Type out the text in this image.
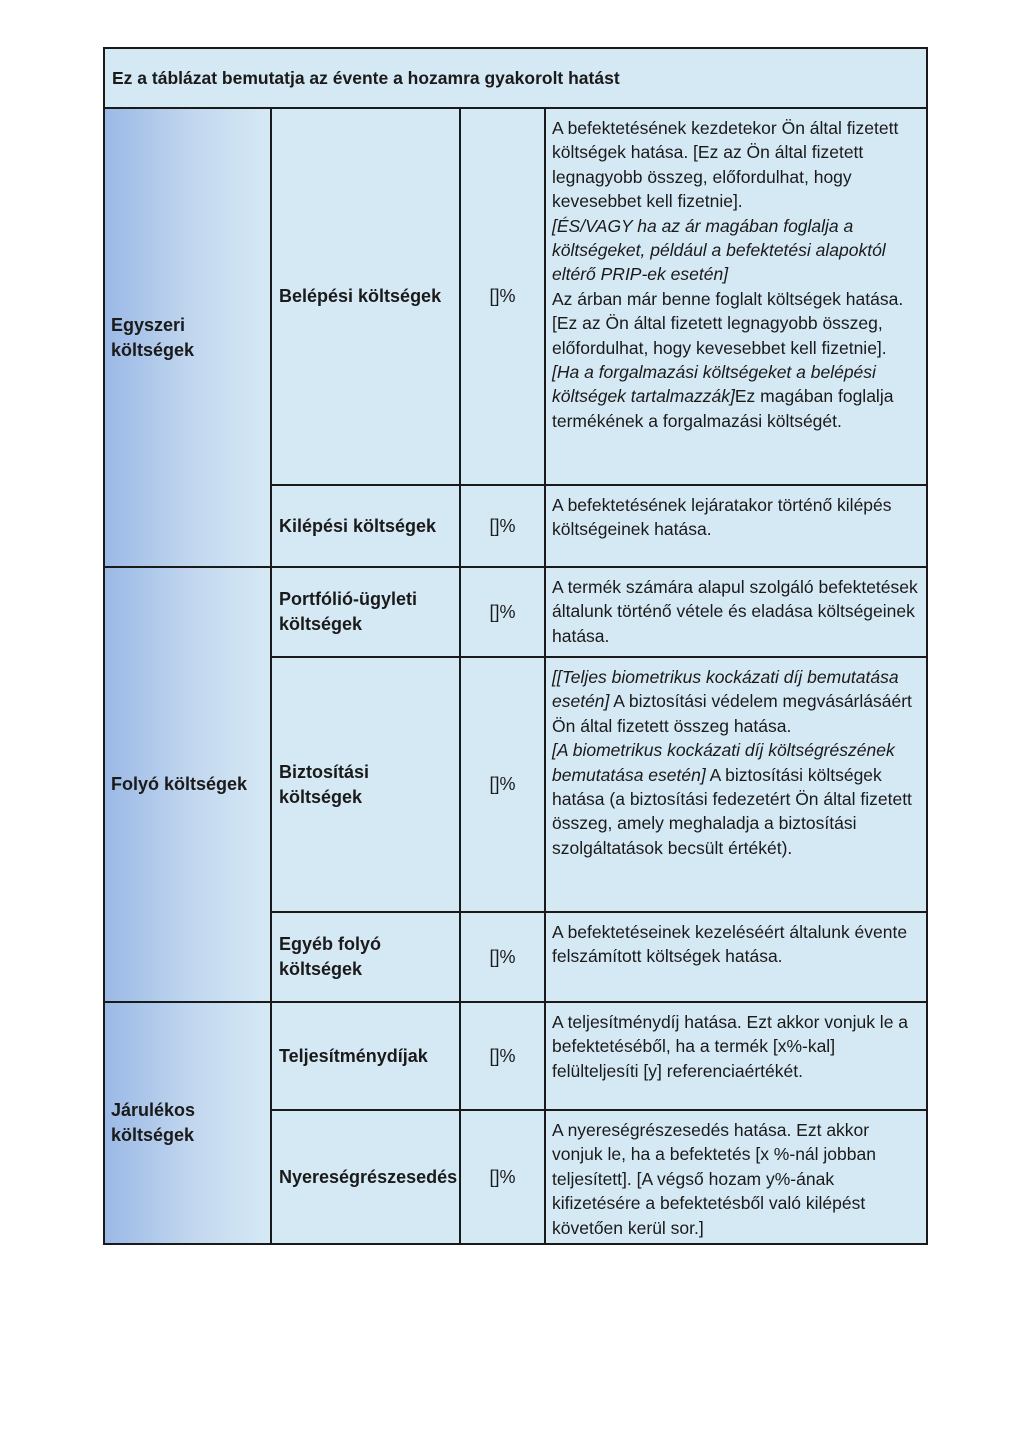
Ez a táblázat bemutatja az évente a hozamra gyakorolt hatást			
Egyszeri költségek	Belépési költségek	[]%	A befektetésének kezdetekor Ön által fizetett költségek hatása. [Ez az Ön által fizetett legnagyobb összeg, előfordulhat, hogy kevesebbet kell fizetnie].
[ÉS/VAGY ha az ár magában foglalja a költségeket, például a befektetési alapoktól eltérő PRIP-ek esetén]
Az árban már benne foglalt költségek hatása. [Ez az Ön által fizetett legnagyobb összeg, előfordulhat, hogy kevesebbet kell fizetnie].
[Ha a forgalmazási költségeket a belépési költségek tartalmazzák]Ez magában foglalja termékének a forgalmazási költségét.
	Kilépési költségek	[]%	A befektetésének lejáratakor történő kilépés költségeinek hatása.
Folyó költségek	Portfólió-ügyleti költségek	[]%	A termék számára alapul szolgáló befektetések általunk történő vétele és eladása költségeinek hatása.
	Biztosítási költségek	[]%	[[Teljes biometrikus kockázati díj bemutatása esetén] A biztosítási védelem megvásárlásáért Ön által fizetett összeg hatása.
[A biometrikus kockázati díj költségrészének bemutatása esetén] A biztosítási költségek hatása (a biztosítási fedezetért Ön által fizetett összeg, amely meghaladja a biztosítási szolgáltatások becsült értékét).
	Egyéb folyó költségek	[]%	A befektetéseinek kezeléséért általunk évente felszámított költségek hatása.
Járulékos költségek	Teljesítménydíjak	[]%	A teljesítménydíj hatása. Ezt akkor vonjuk le a befektetéséből, ha a termék [x%-kal] felülteljesíti [y] referenciaértékét.
	Nyereségrészesedés	[]%	A nyereségrészesedés hatása. Ezt akkor vonjuk le, ha a befektetés [x %-nál jobban teljesített]. [A végső hozam y%-ának kifizetésére a befektetésből való kilépést követően kerül sor.]
